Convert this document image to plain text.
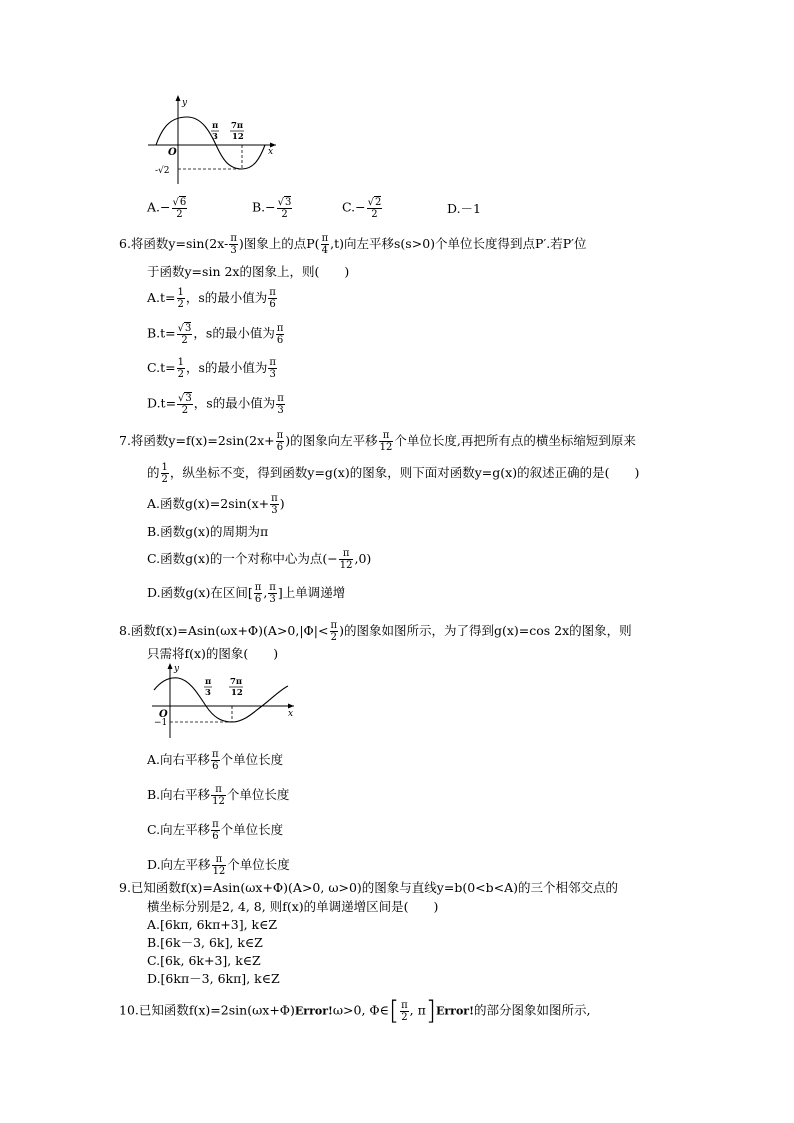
y
x
O
π
3
7π
12
-√2
$A.- \frac{√6}{2}$	$B.- \frac{√3}{2}$	$C.- \frac{√2}{2}$	D.－1
6.将函数$y=\sin(2x- \frac{\pi}{3}$ )图象上的点$P( \frac{\pi}{4} ,t)$向左平移s(s>0)个单位长度得到点P′.若P′位
于函数y=sin 2x的图象上，则(　　)
$A.t= \frac{1}{2}$ ，s的最小值为 $\frac{\pi}{6}$
$B.t= \frac{√3}{2}$ ，s的最小值为 $\frac{\pi}{6}$
$C.t= \frac{1}{2}$ ，s的最小值为 $\frac{\pi}{3}$
$D.t= \frac{√3}{2}$ ，s的最小值为 $\frac{\pi}{3}$
7.将函数$y=f(x)=2\sin(2x+ \frac{\pi}{6}$ )的图象向左平移 $\frac{\pi}{12}$ 个单位长度,再把所有点的横坐标缩短到原来
的 $\frac{1}{2}$ ，纵坐标不变，得到函数y=g(x)的图象，则下面对函数y=g(x)的叙述正确的是(　　)
A.函数$g(x)=2\sin(x+ \frac{\pi}{3}$ )
B.函数g(x)的周期为π
C.函数g(x)的一个对称中心为点(− $\frac{\pi}{12} ,0$)
D.函数g(x)在区间[ $\frac{\pi}{6}$ , $\frac{\pi}{3}$ ]上单调递增
8.函数$f(x)=Asin(\omega x+\Phi)(A>0,|\Phi|< \frac{\pi}{2}$ )的图象如图所示，为了得到g(x)=cos 2x的图象，则
只需将f(x)的图象(　　)
y
x
O
π
3
7π
12
−1
A.向右平移 $\frac{\pi}{6}$ 个单位长度
B.向右平移 $\frac{\pi}{12}$ 个单位长度
C.向左平移 $\frac{\pi}{6}$ 个单位长度
D.向左平移 $\frac{\pi}{12}$ 个单位长度
9.已知函数f(x)=Asin(ωx+Φ)(A>0, ω>0)的图象与直线y=b(0<b<A)的三个相邻交点的
横坐标分别是2, 4, 8, 则f(x)的单调递增区间是(　　)
A.[6kπ, 6kπ+3], k∈Z
B.[6k－3, 6k], k∈Z
C.[6k, 6k+3], k∈Z
D.[6kπ－3, 6kπ], k∈Z
10.已知函数f(x)=2sin(ωx+Φ)Error!ω>0, Φ∈[ $\frac{\pi}{2}$ , π]Error!的部分图象如图所示,
